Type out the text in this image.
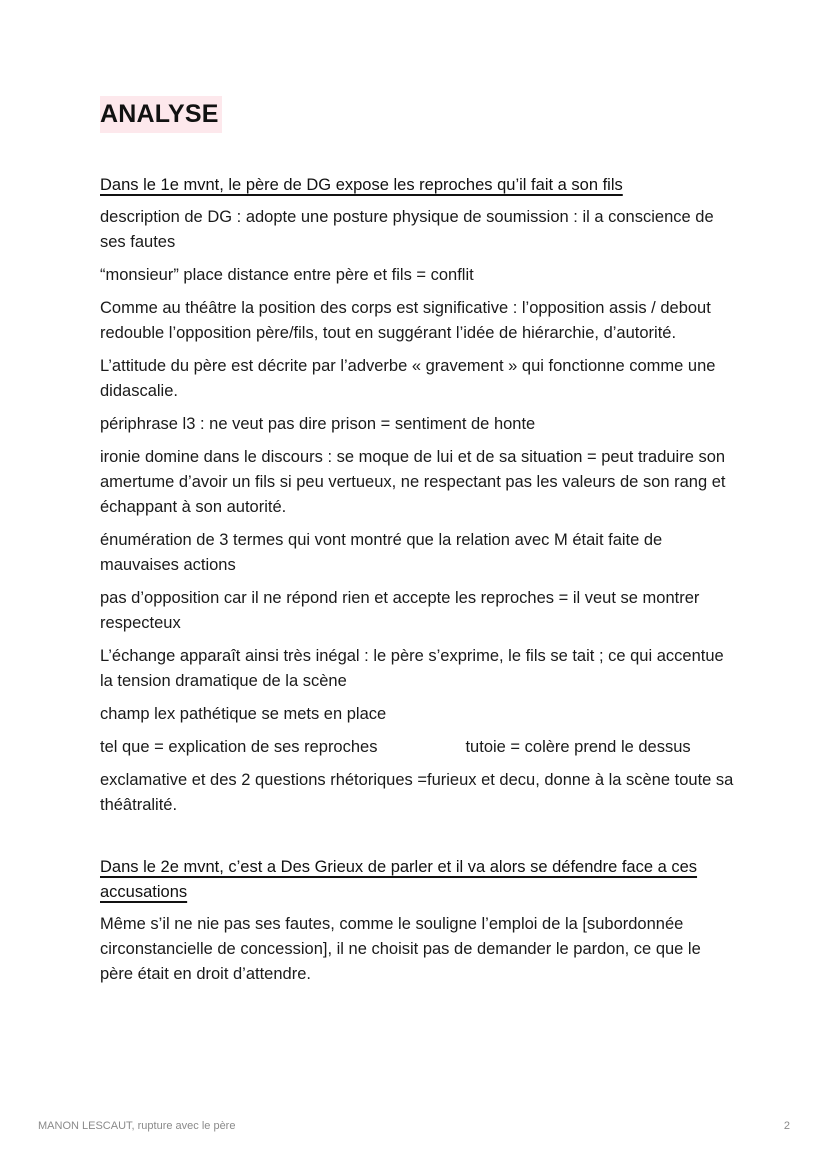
ANALYSE
Dans le 1e mvnt, le père de DG expose les reproches qu’il fait a son fils

description de DG : adopte une posture physique de soumission : il a conscience de ses fautes

“monsieur” place distance entre père et fils = conflit

Comme au théâtre la position des corps est significative : l’opposition assis / debout redouble l’opposition père/fils, tout en suggérant l’idée de hiérarchie, d’autorité.

L’attitude du père est décrite par l’adverbe « gravement » qui fonctionne comme une didascalie.

périphrase l3 : ne veut pas dire prison = sentiment de honte

ironie domine dans le discours : se moque de lui et de sa situation = peut traduire son amertume d’avoir un fils si peu vertueux, ne respectant pas les valeurs de son rang et échappant à son autorité.

énumération de 3 termes qui vont montré que la relation avec M était faite de mauvaises actions

pas d’opposition car il ne répond rien et accepte les reproches = il veut se montrer respecteux

L’échange apparaît ainsi très inégal : le père s’exprime, le fils se tait ; ce qui accentue la tension dramatique de la scène

champ lex pathétique se mets en place

tel que = explication de ses reproches	tutoie = colère prend le dessus

exclamative et des 2 questions rhétoriques =furieux et decu, donne à la scène toute sa théâtralité.

Dans le 2e mvnt, c’est a Des Grieux de parler et il va alors se défendre face a ces accusations

Même s’il ne nie pas ses fautes, comme le souligne l’emploi de la [subordonnée circonstancielle de concession], il ne choisit pas de demander le pardon, ce que le père était en droit d’attendre.

MANON LESCAUT, rupture avec le père	2
